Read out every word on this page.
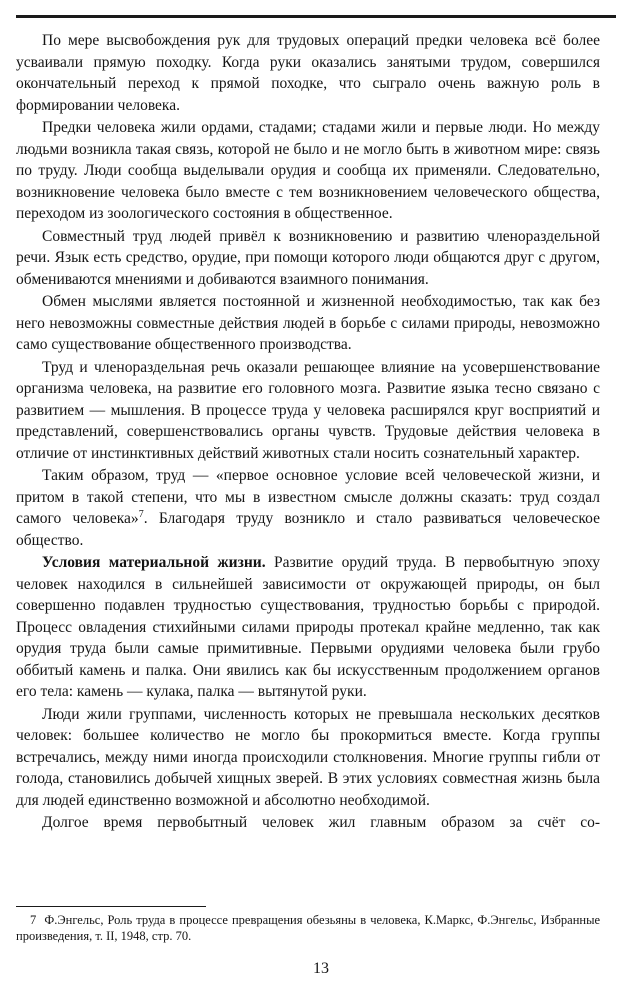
По мере высвобождения рук для трудовых операций предки человека всё более усваивали прямую походку. Когда руки оказались занятыми трудом, совершился окончательный переход к прямой походке, что сыграло очень важную роль в формировании человека.

Предки человека жили ордами, стадами; стадами жили и первые люди. Но между людьми возникла такая связь, которой не было и не могло быть в животном мире: связь по труду. Люди сообща выделывали орудия и сообща их применяли. Следовательно, возникновение человека было вместе с тем возникновением человеческого общества, переходом из зоологического состояния в общественное.

Совместный труд людей привёл к возникновению и развитию членораздельной речи. Язык есть средство, орудие, при помощи которого люди общаются друг с другом, обмениваются мнениями и добиваются взаимного понимания.

Обмен мыслями является постоянной и жизненной необходимостью, так как без него невозможны совместные действия людей в борьбе с силами природы, невозможно само существование общественного производства.

Труд и членораздельная речь оказали решающее влияние на усовершенствование организма человека, на развитие его головного мозга. Развитие языка тесно связано с развитием — мышления. В процессе труда у человека расширялся круг восприятий и представлений, совершенствовались органы чувств. Трудовые действия человека в отличие от инстинктивных действий животных стали носить сознательный характер.

Таким образом, труд — «первое основное условие всей человеческой жизни, и притом в такой степени, что мы в известном смысле должны сказать: труд создал самого человека»$^7$. Благодаря труду возникло и стало развиваться человеческое общество.

Условия материальной жизни. Развитие орудий труда. В первобытную эпоху человек находился в сильнейшей зависимости от окружающей природы, он был совершенно подавлен трудностью существования, трудностью борьбы с природой. Процесс овладения стихийными силами природы протекал крайне медленно, так как орудия труда были самые примитивные. Первыми орудиями человека были грубо оббитый камень и палка. Они явились как бы искусственным продолжением органов его тела: камень — кулака, палка — вытянутой руки.

Люди жили группами, численность которых не превышала нескольких десятков человек: большее количество не могло бы прокормиться вместе. Когда группы встречались, между ними иногда происходили столкновения. Многие группы гибли от голода, становились добычей хищных зверей. В этих условиях совместная жизнь была для людей единственно возможной и абсолютно необходимой.

Долгое время первобытный человек жил главным образом за счёт со-

7 Ф.Энгельс, Роль труда в процессе превращения обезьяны в человека, К.Маркс, Ф.Энгельс, Избранные произведения, т. II, 1948, стр. 70.
13
